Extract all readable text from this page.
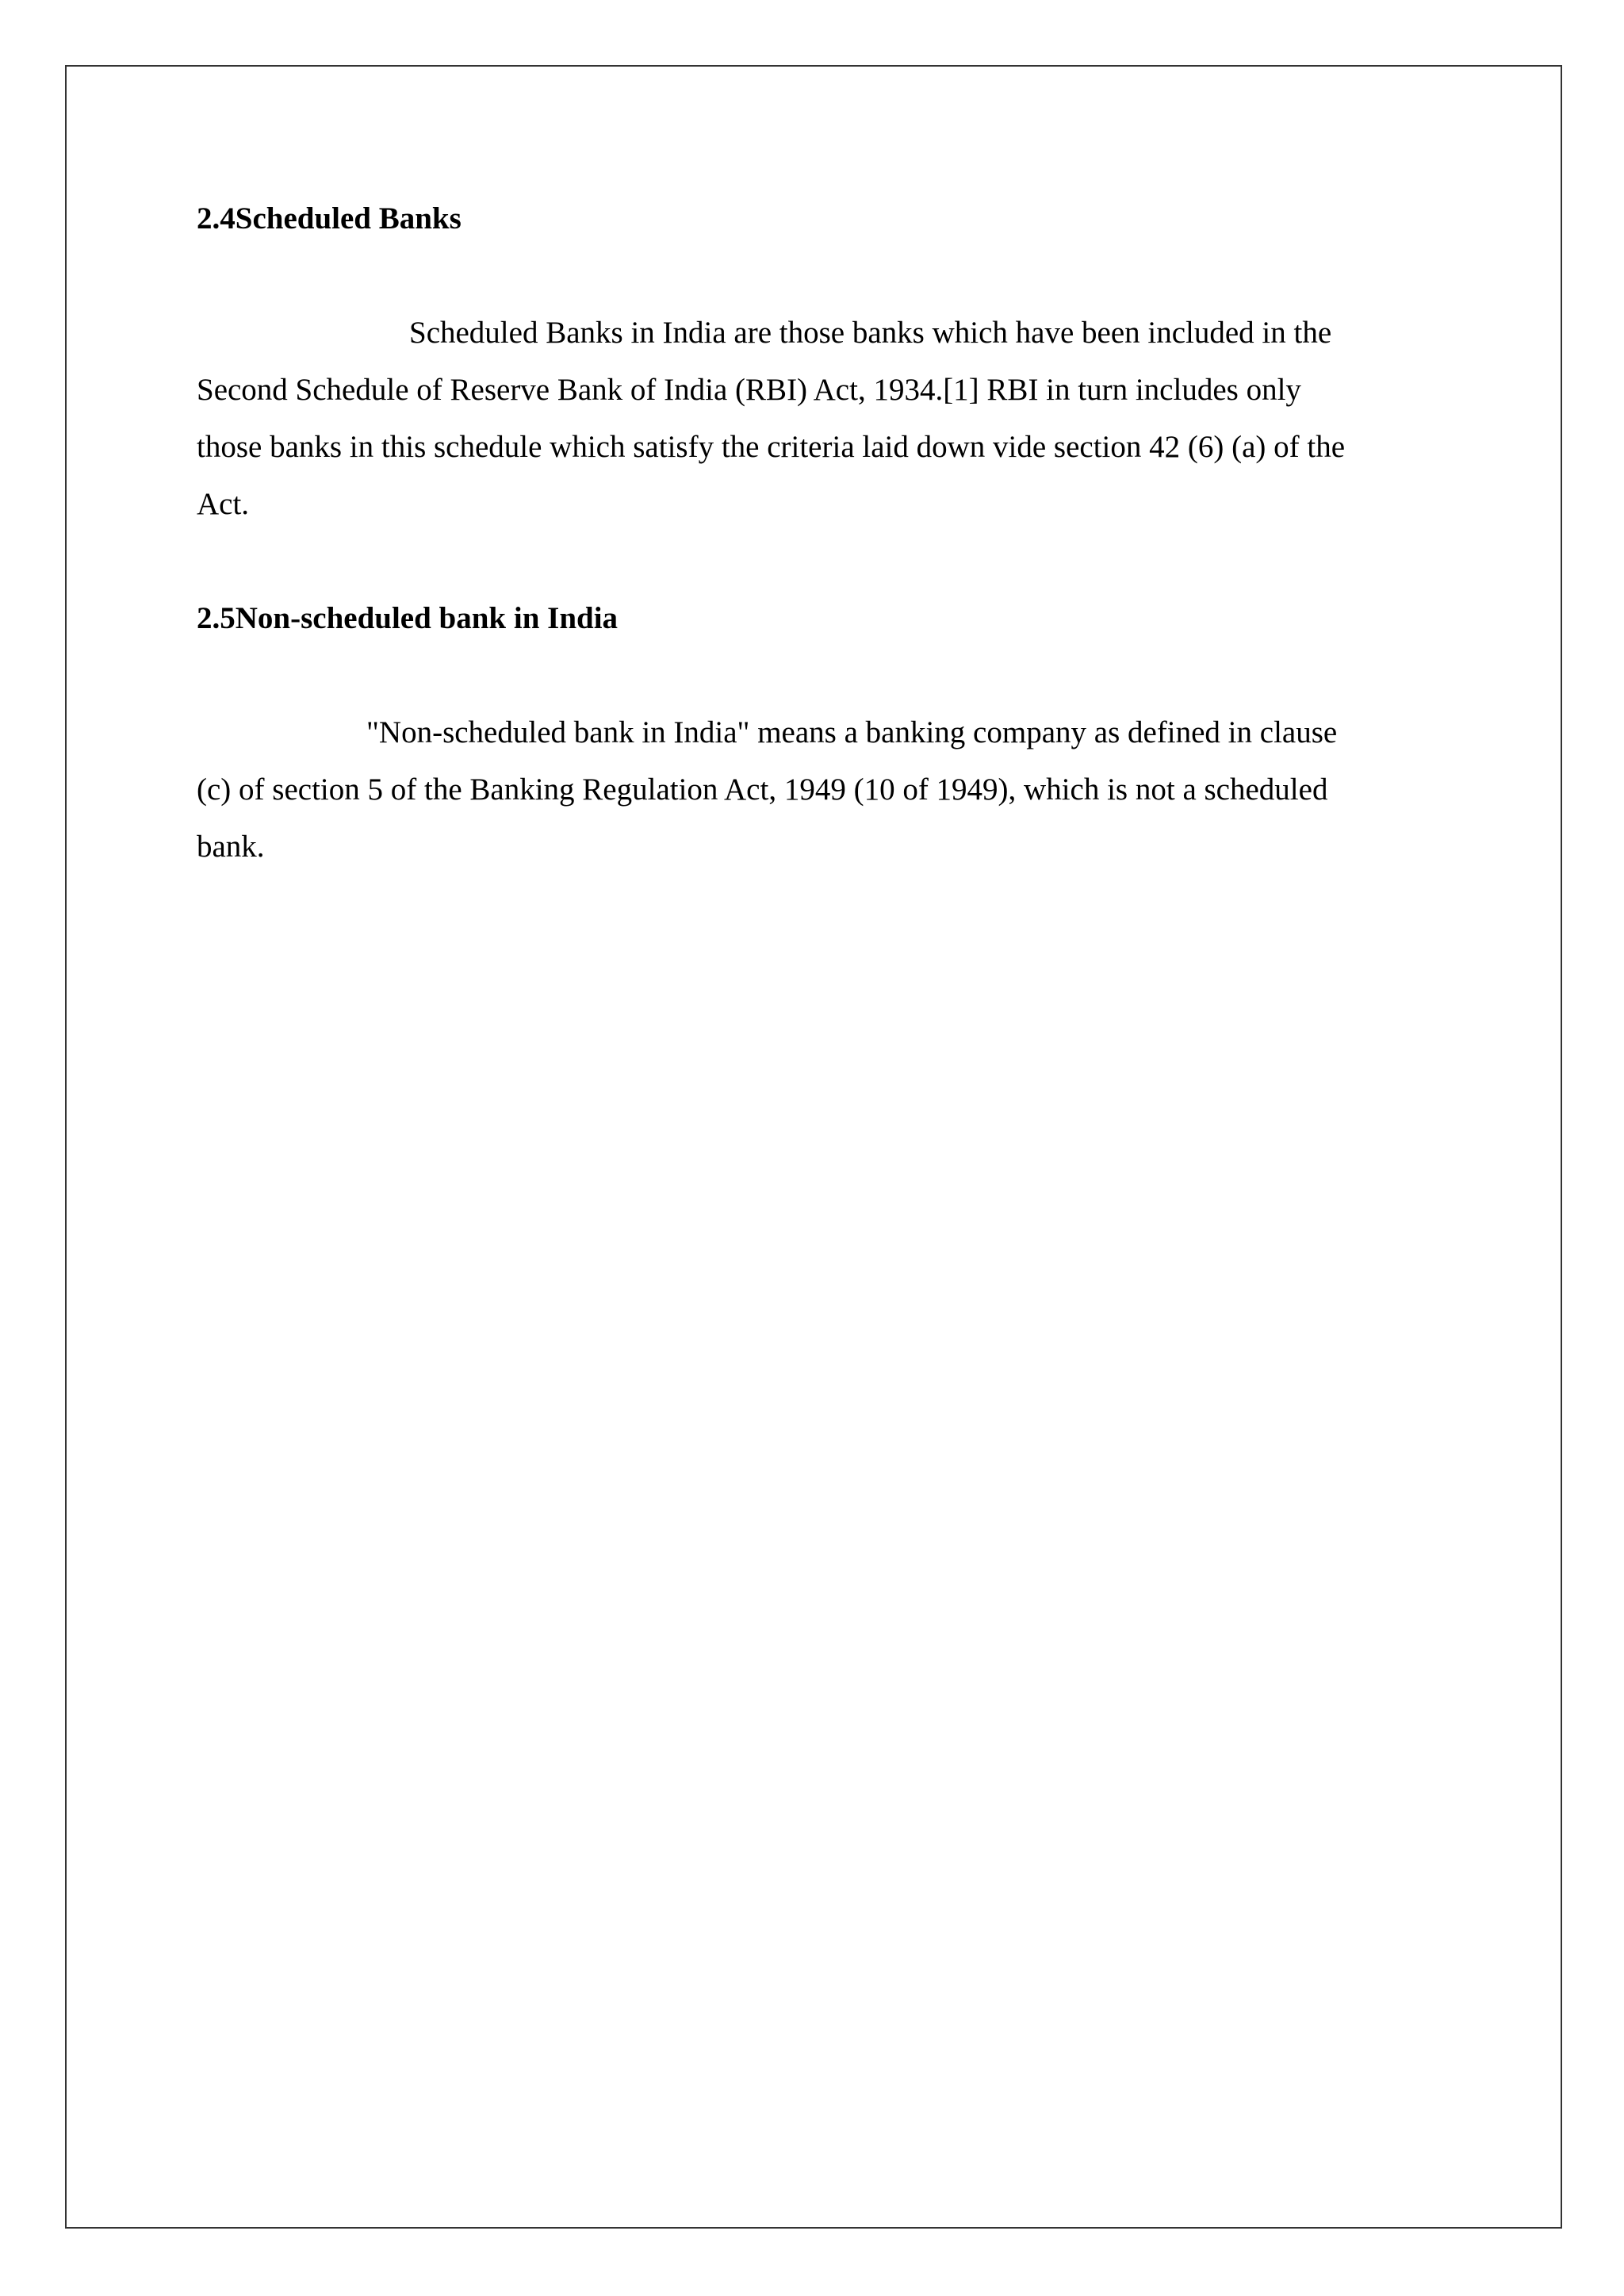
2.4Scheduled Banks

Scheduled Banks in India are those banks which have been included in the
Second Schedule of Reserve Bank of India (RBI) Act, 1934.[1] RBI in turn includes only
those banks in this schedule which satisfy the criteria laid down vide section 42 (6) (a) of the
Act.

2.5Non-scheduled bank in India

"Non-scheduled bank in India" means a banking company as defined in clause
(c) of section 5 of the Banking Regulation Act, 1949 (10 of 1949), which is not a scheduled
bank.
